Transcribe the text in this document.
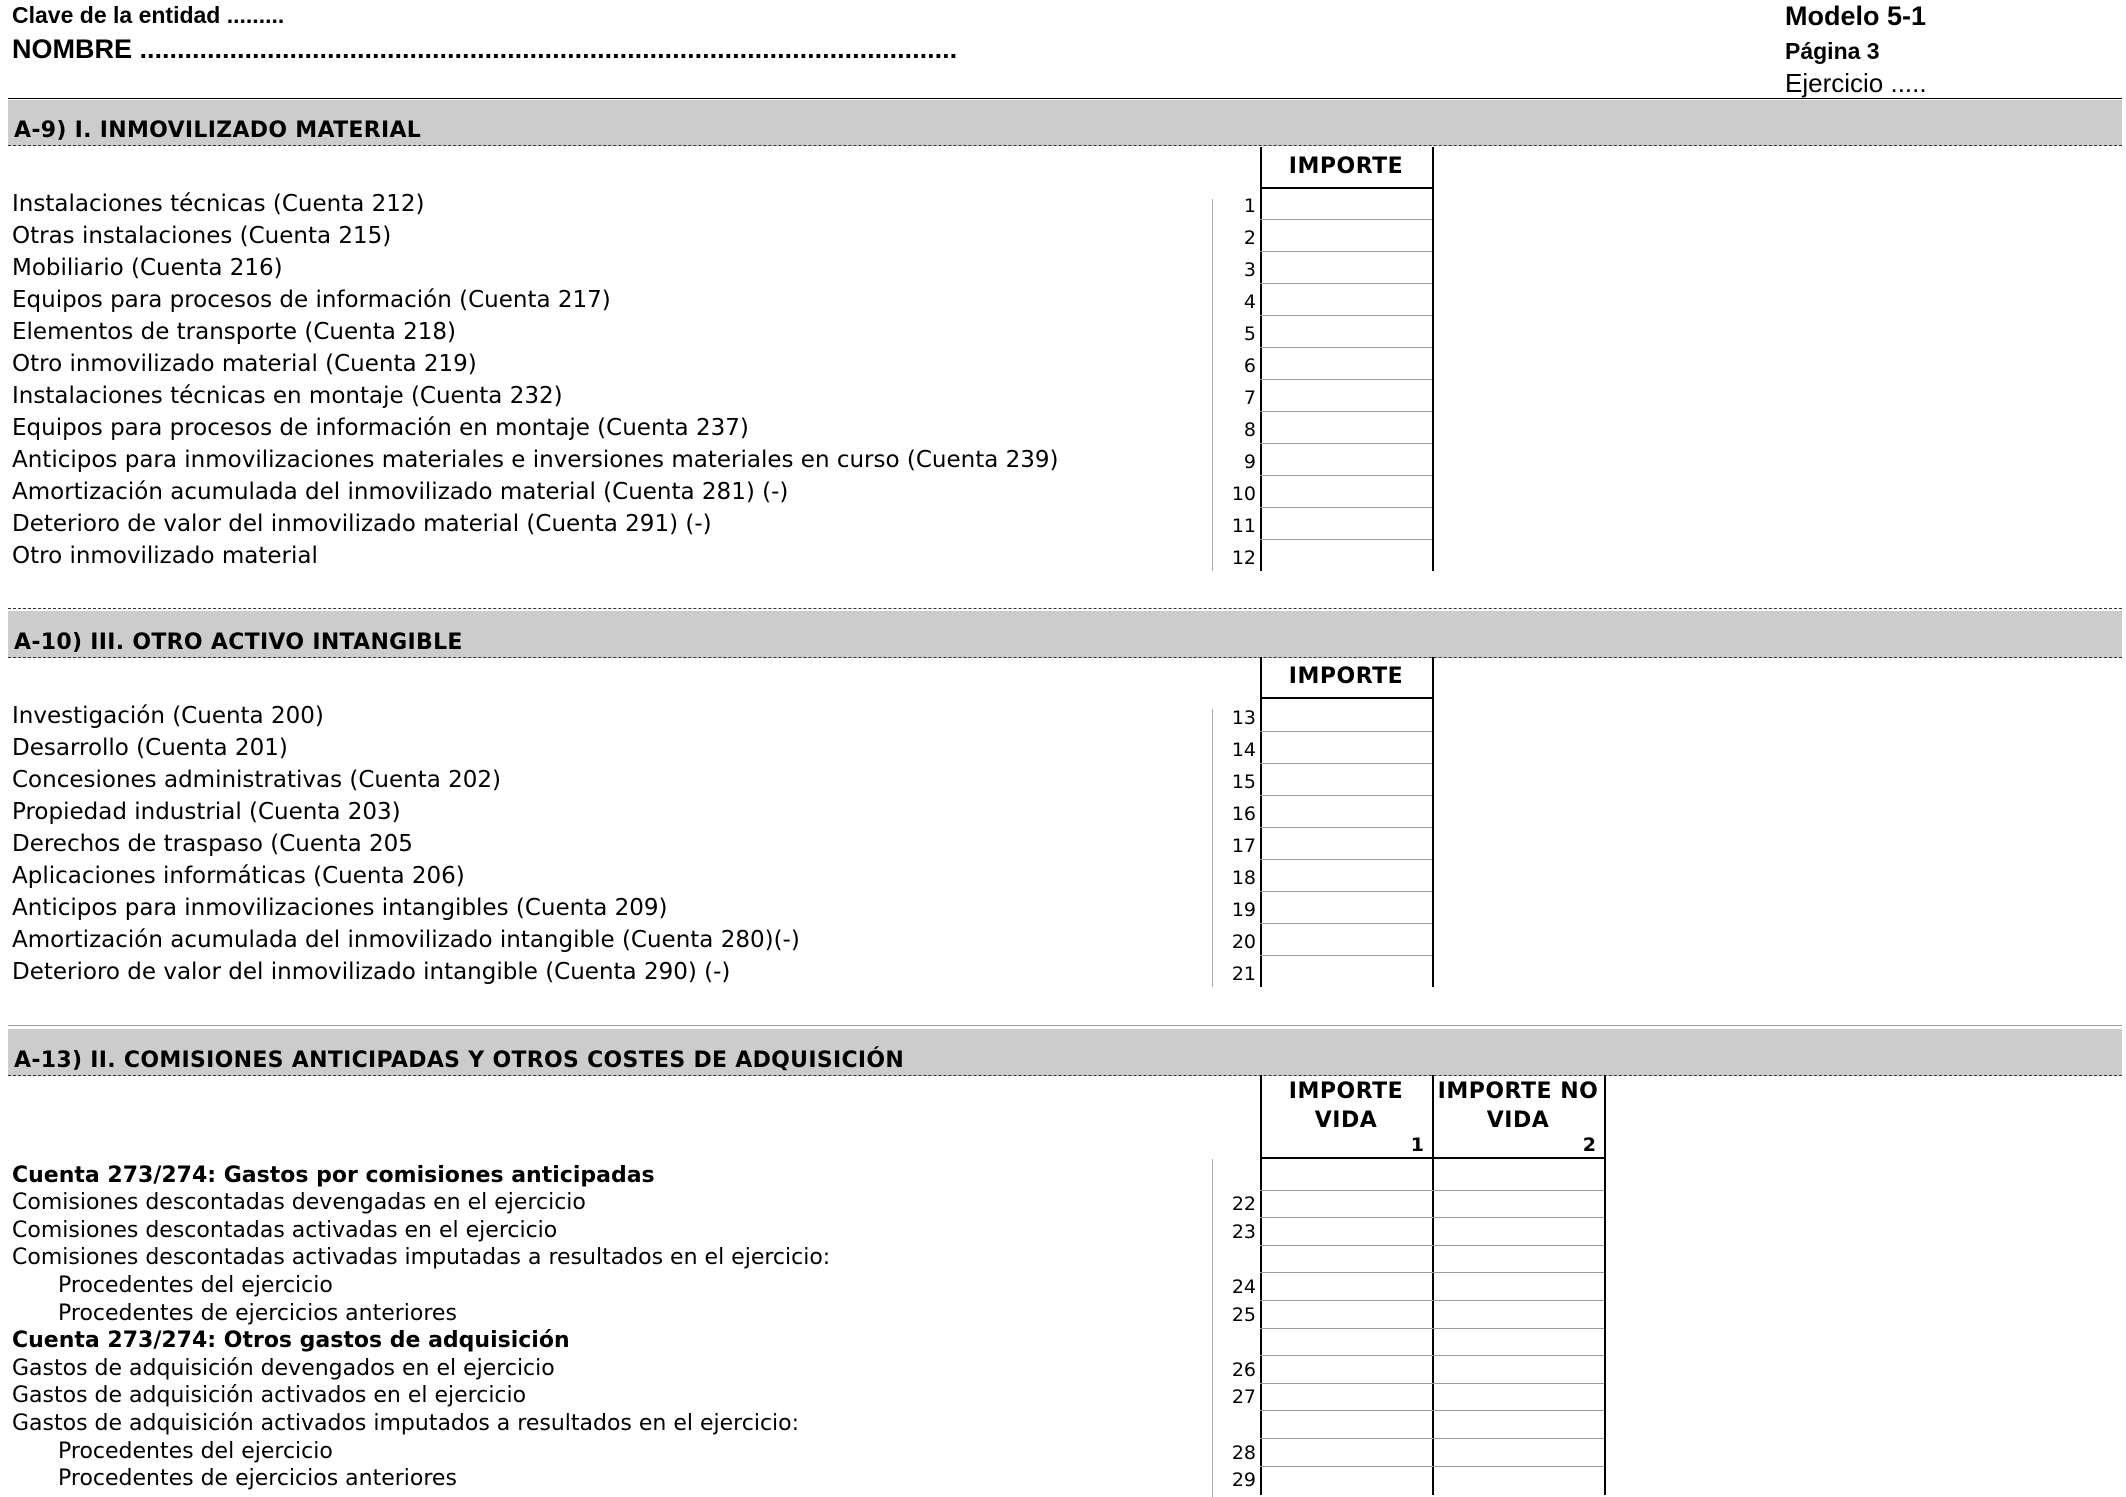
Clave de la entidad .........
NOMBRE .............................................................................................................
Modelo 5-1
Página 3
Ejercicio .....
A-9) I. INMOVILIZADO MATERIAL
IMPORTE
Instalaciones técnicas (Cuenta 212)	1
Otras instalaciones (Cuenta 215)	2
Mobiliario (Cuenta 216)	3
Equipos para procesos de información (Cuenta 217)	4
Elementos de transporte (Cuenta 218)	5
Otro inmovilizado material (Cuenta 219)	6
Instalaciones técnicas en montaje (Cuenta 232)	7
Equipos para procesos de información en montaje (Cuenta 237)	8
Anticipos para inmovilizaciones materiales e inversiones materiales en curso (Cuenta 239)	9
Amortización acumulada del inmovilizado material (Cuenta 281) (-)	10
Deterioro de valor del inmovilizado material (Cuenta 291) (-)	11
Otro inmovilizado material	12
A-10) III. OTRO ACTIVO INTANGIBLE
IMPORTE
Investigación (Cuenta 200)	13
Desarrollo (Cuenta 201)	14
Concesiones administrativas (Cuenta 202)	15
Propiedad industrial (Cuenta 203)	16
Derechos de traspaso (Cuenta 205	17
Aplicaciones informáticas (Cuenta 206)	18
Anticipos para inmovilizaciones intangibles (Cuenta 209)	19
Amortización acumulada del inmovilizado intangible (Cuenta 280)(-)	20
Deterioro de valor del inmovilizado intangible (Cuenta 290) (-)	21
A-13) II. COMISIONES ANTICIPADAS Y OTROS COSTES DE ADQUISICIÓN
IMPORTE
VIDA
1
IMPORTE NO
VIDA
2
Cuenta 273/274: Gastos por comisiones anticipadas
Comisiones descontadas devengadas en el ejercicio	22
Comisiones descontadas activadas en el ejercicio	23
Comisiones descontadas activadas imputadas a resultados en el ejercicio:
Procedentes del ejercicio	24
Procedentes de ejercicios anteriores	25
Cuenta 273/274: Otros gastos de adquisición
Gastos de adquisición devengados en el ejercicio	26
Gastos de adquisición activados en el ejercicio	27
Gastos de adquisición activados imputados a resultados en el ejercicio:
Procedentes del ejercicio	28
Procedentes de ejercicios anteriores	29
